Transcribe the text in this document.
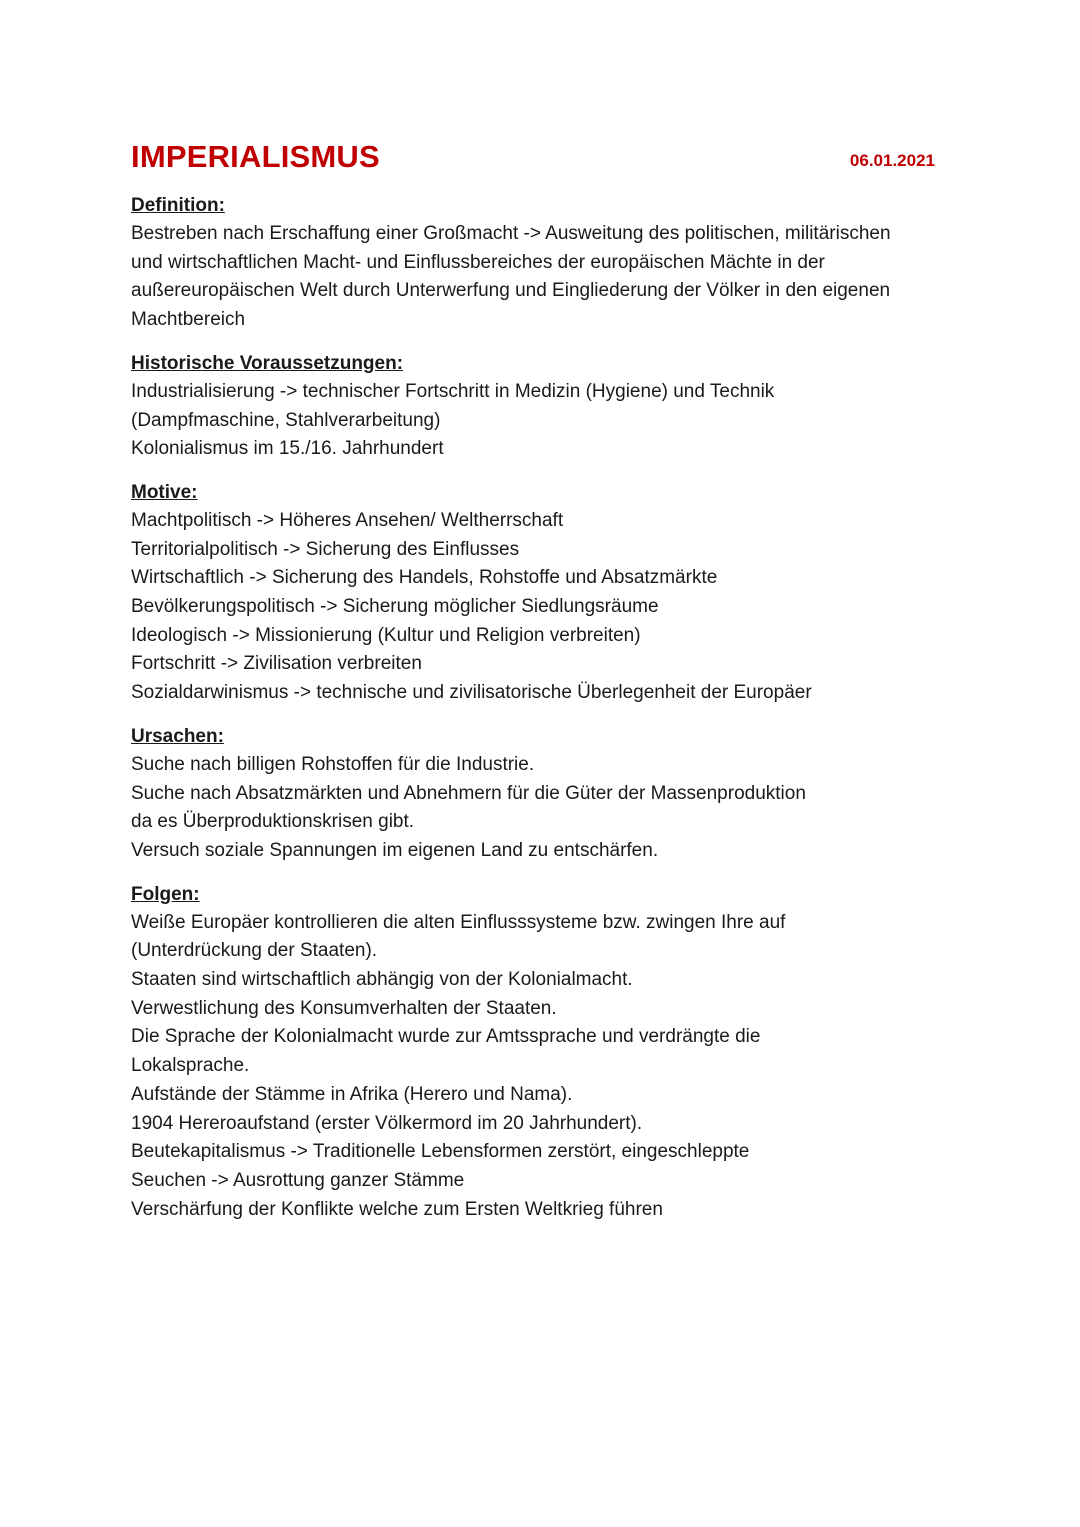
IMPERIALISMUS	06.01.2021
Definition:
Bestreben nach Erschaffung einer Großmacht -> Ausweitung des politischen, militärischen
und wirtschaftlichen Macht- und Einflussbereiches der europäischen Mächte in der
außereuropäischen Welt durch Unterwerfung und Eingliederung der Völker in den eigenen
Machtbereich
Historische Voraussetzungen:
Industrialisierung -> technischer Fortschritt in Medizin (Hygiene) und Technik
(Dampfmaschine, Stahlverarbeitung)
Kolonialismus im 15./16. Jahrhundert
Motive:
Machtpolitisch -> Höheres Ansehen/ Weltherrschaft
Territorialpolitisch -> Sicherung des Einflusses
Wirtschaftlich -> Sicherung des Handels, Rohstoffe und Absatzmärkte
Bevölkerungspolitisch -> Sicherung möglicher Siedlungsräume
Ideologisch -> Missionierung (Kultur und Religion verbreiten)
Fortschritt -> Zivilisation verbreiten
Sozialdarwinismus -> technische und zivilisatorische Überlegenheit der Europäer
Ursachen:
Suche nach billigen Rohstoffen für die Industrie.
Suche nach Absatzmärkten und Abnehmern für die Güter der Massenproduktion
da es Überproduktionskrisen gibt.
Versuch soziale Spannungen im eigenen Land zu entschärfen.
Folgen:
Weiße Europäer kontrollieren die alten Einflusssysteme bzw. zwingen Ihre auf
(Unterdrückung der Staaten).
Staaten sind wirtschaftlich abhängig von der Kolonialmacht.
Verwestlichung des Konsumverhalten der Staaten.
Die Sprache der Kolonialmacht wurde zur Amtssprache und verdrängte die
Lokalsprache.
Aufstände der Stämme in Afrika (Herero und Nama).
1904 Hereroaufstand (erster Völkermord im 20 Jahrhundert).
Beutekapitalismus -> Traditionelle Lebensformen zerstört, eingeschleppte
Seuchen -> Ausrottung ganzer Stämme
Verschärfung der Konflikte welche zum Ersten Weltkrieg führen
